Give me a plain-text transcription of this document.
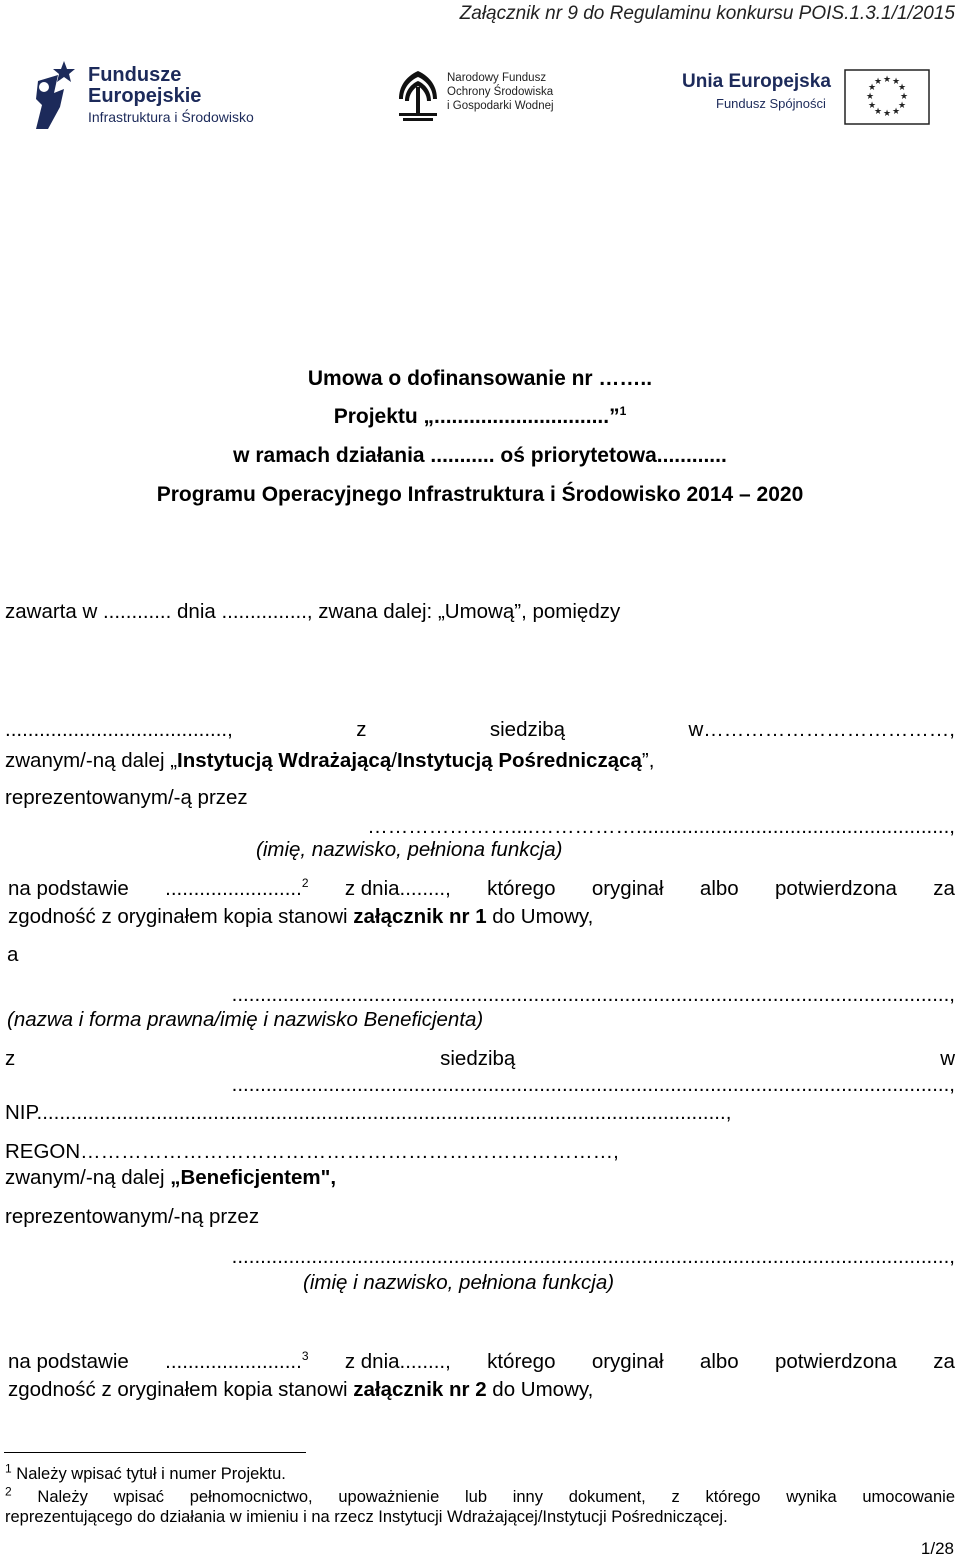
Załącznik nr 9 do Regulaminu konkursu POIS.1.3.1/1/2015
Fundusze
Europejskie
Infrastruktura i Środowisko
Narodowy Fundusz
Ochrony Środowiska
i Gospodarki Wodnej
Unia Europejska
Fundusz Spójności
★ ★
★
★
★
★
★
★
★
★
★
★
Umowa o dofinansowanie nr ……..
Projektu „..............................”$^1$
w ramach działania ........... oś priorytetowa............
Programu Operacyjnego Infrastruktura i Środowisko 2014 – 2020
zawarta w ............ dnia ..............., zwana dalej: „Umową”, pomiędzy
.......................................,	z	siedzibą	w………………………………,
zwanym/-ną dalej „Instytucją Wdrażającą/Instytucją Pośredniczącą”,
reprezentowanym/-ą przez
…………………....…………….......................................................,
(imię, nazwisko, pełniona funkcja)
na podstawie ........................$^2$ z dnia........, którego oryginał albo potwierdzona za
zgodność z oryginałem kopia stanowi załącznik nr 1 do Umowy,
a
..............................................................................................................................,
(nazwa i forma prawna/imię i nazwisko Beneficjenta)
z	siedzibą	w
..............................................................................................................................,
NIP.........................................................................................................................,
REGON……………………………………………………………………,
zwanym/-ną dalej „Beneficjentem",
reprezentowanym/-ną przez
..............................................................................................................................,
(imię i nazwisko, pełniona funkcja)
na podstawie ........................$^3$ z dnia........, którego oryginał albo potwierdzona za
zgodność z oryginałem kopia stanowi załącznik nr 2 do Umowy,
$^1$ Należy wpisać tytuł i numer Projektu.
$^2$ Należy wpisać pełnomocnictwo, upoważnienie lub inny dokument, z którego wynika umocowanie
reprezentującego do działania w imieniu i na rzecz Instytucji Wdrażającej/Instytucji Pośredniczącej.
1/28
